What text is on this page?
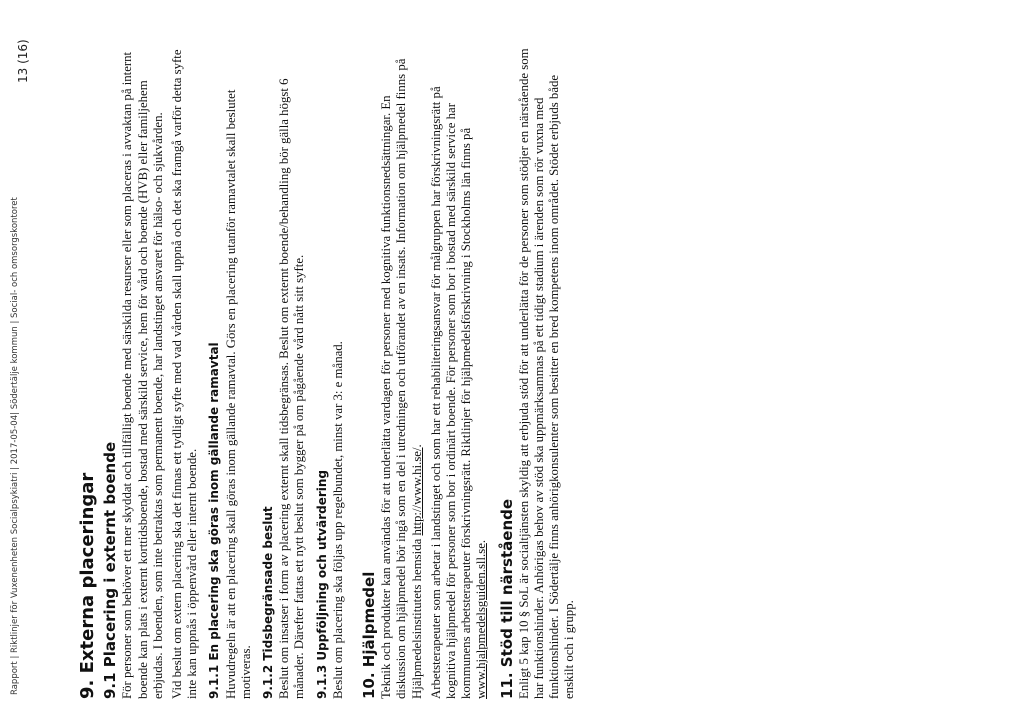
Rapport | Riktlinjer för Vuxenenheten Socialpsykiatri | 2017-05-04| Södertälje kommun | Social- och omsorgskontoret
13 (16)
9. Externa placeringar 9.1 Placering i externt boende För personer som behöver ett mer skyddat och tillfälligt boende med särskilda resurser eller som placeras i avvaktan på internt boende kan plats i externt korttidsboende, bostad med särskild service, hem för vård och boende (HVB) eller familjehem erbjudas. I boenden, som inte betraktas som permanent boende, har landstinget ansvaret för hälso- och sjukvården. Vid beslut om extern placering ska det finnas ett tydligt syfte med vad vården skall uppnå och det ska framgå varför detta syfte inte kan uppnås i öppenvård eller internt boende. 9.1.1 En placering ska göras inom gällande ramavtal Huvudregeln är att en placering skall göras inom gällande ramavtal. Görs en placering utanför ramavtalet skall beslutet motiveras. 9.1.2 Tidsbegränsade beslut Beslut om insatser i form av placering externt skall tidsbegränsas. Beslut om externt boende/behandling bör gälla högst 6 månader. Därefter fattas ett nytt beslut som bygger på om pågående vård nått sitt syfte. 9.1.3 Uppföljning och utvärdering Beslut om placering ska följas upp regelbundet, minst var 3: e månad. 10. Hjälpmedel Teknik och produkter kan användas för att underlätta vardagen för personer med kognitiva funktionsnedsättningar. En diskussion om hjälpmedel bör ingå som en del i utredningen och utförandet av en insats. Information om hjälpmedel finns på Hjälpmedelsinstitutets hemsida http://www.hi.se/. Arbetsterapeuter som arbetar i landstinget och som har ett rehabiliteringsansvar för målgruppen har förskrivningsrätt på kognitiva hjälpmedel för personer som bor i ordinärt boende. För personer som bor i bostad med särskild service har kommunens arbetsterapeuter förskrivningsrätt. Riktlinjer för hjälpmedelsförskrivning i Stockholms län finns på www.hjalpmedelsguiden.sll.se. 11. Stöd till närstående Enligt 5 kap 10 § SoL är socialtjänsten skyldig att erbjuda stöd för att underlätta för de personer som stödjer en närstående som har funktionshinder. Anhörigas behov av stöd ska uppmärksammas på ett tidigt stadium i ärenden som rör vuxna med funktionshinder. I Södertälje finns anhörigkonsulenter som besitter en bred kompetens inom området. Stödet erbjuds både enskilt och i grupp.
